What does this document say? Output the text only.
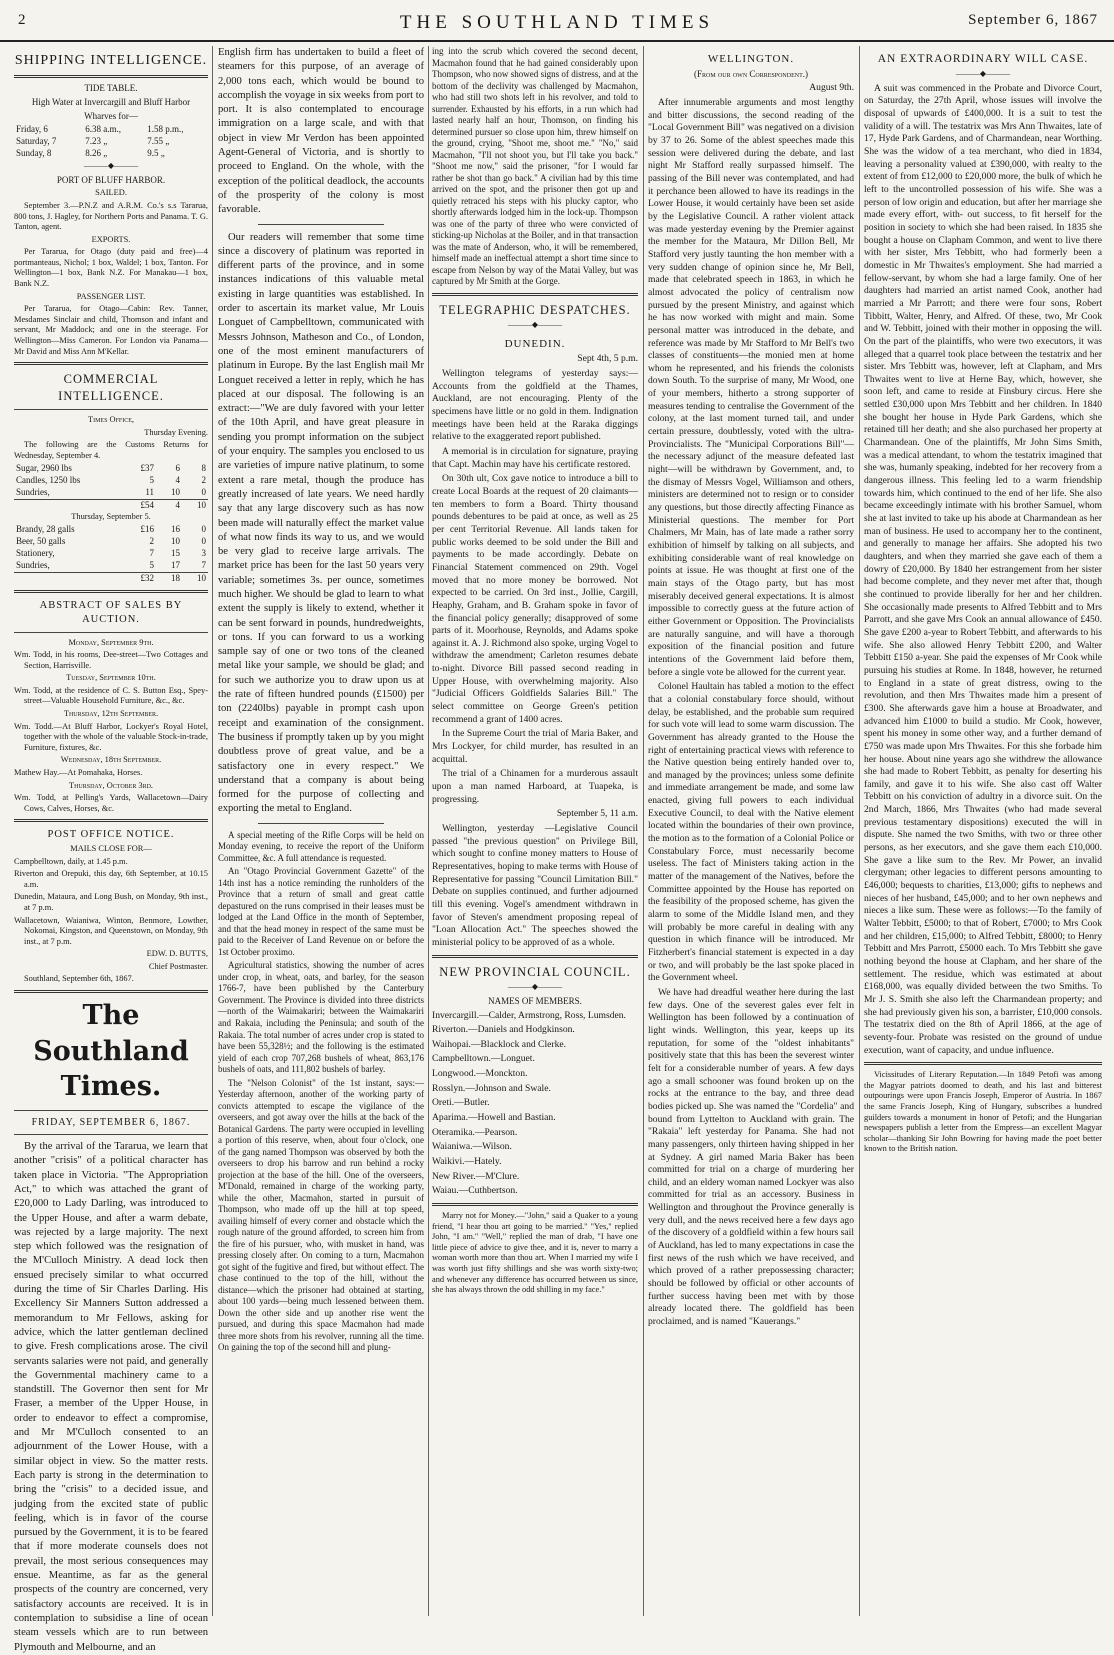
2	THE SOUTHLAND TIMES	September 6, 1867
SHIPPING INTELLIGENCE.
TIDE TABLE.

High Water at Invercargill and Bluff Harbor

Wharves for—

Friday, 6	6.38 a.m.,	1.58 p.m.,
Saturday, 7	7.23 „	7.55 „
Sunday, 8	8.26 „	9.5 „
———◆———
PORT OF BLUFF HARBOR.
SAILED.

September 3.—P.N.Z and A.R.M. Co.'s s.s Tararua, 800 tons, J. Hagley, for Northern Ports and Panama. T. G. Tanton, agent.

EXPORTS.

Per Tararua, for Otago (duty paid and free)—4 portmanteaus, Nichol; 1 box, Waldel; 1 box, Tanton. For Wellington—1 box, Bank N.Z. For Manakau—1 box, Bank N.Z.

PASSENGER LIST.

Per Tararua, for Otago—Cabin: Rev. Tanner, Mesdames Sinclair and child, Thomson and infant and servant, Mr Maddock; and one in the steerage. For Wellington—Miss Cameron. For London via Panama—Mr David and Miss Ann M'Kellar.

COMMERCIAL INTELLIGENCE.

Times Office,

Thursday Evening.

The following are the Customs Returns for Wednesday, September 4.

Sugar, 2960 lbs	£37	6	8
Candles, 1250 lbs	5	4	2
Sundries,	11	10	0
	£54	4	10

Thursday, September 5.

Brandy, 28 galls	£16	16	0
Beer, 50 galls	2	10	0
Stationery,	7	15	3
Sundries,	5	17	7
	£32	18	10
ABSTRACT OF SALES BY AUCTION.

Monday, September 9th.

Wm. Todd, in his rooms, Dee-street—Two Cottages and Section, Harrisville.

Tuesday, September 10th.

Wm. Todd, at the residence of C. S. Button Esq., Spey-street—Valuable Household Furniture, &c., &c.

Thursday, 12th September.

Wm. Todd.—At Bluff Harbor, Lockyer's Royal Hotel, together with the whole of the valuable Stock-in-trade, Furniture, fixtures, &c.

Wednesday, 18th September.

Mathew Hay.—At Pomahaka, Horses.

Thursday, October 3rd.

Wm. Todd, at Pelling's Yards, Wallacetown—Dairy Cows, Calves, Horses, &c.

POST OFFICE NOTICE.

MAILS CLOSE FOR—

Campbelltown, daily, at 1.45 p.m.

Riverton and Orepuki, this day, 6th September, at 10.15 a.m.

Dunedin, Mataura, and Long Bush, on Monday, 9th inst., at 7 p.m.

Wallacetown, Waianiwa, Winton, Benmore, Lowther, Nokomai, Kingston, and Queenstown, on Monday, 9th inst., at 7 p.m.

EDW. D. BUTTS,

Chief Postmaster.

Southland, September 6th, 1867.

The Southland Times.
FRIDAY, SEPTEMBER 6, 1867.

By the arrival of the Tararua, we learn that another "crisis" of a political character has taken place in Victoria. "The Appropriation Act," to which was attached the grant of £20,000 to Lady Darling, was introduced to the Upper House, and after a warm debate, was rejected by a large majority. The next step which followed was the resignation of the M'Culloch Ministry. A dead lock then ensued precisely similar to what occurred during the time of Sir Charles Darling. His Excellency Sir Manners Sutton addressed a memorandum to Mr Fellows, asking for advice, which the latter gentleman declined to give. Fresh complications arose. The civil servants salaries were not paid, and generally the Governmental machinery came to a standstill. The Governor then sent for Mr Fraser, a member of the Upper House, in order to endeavor to effect a compromise, and Mr M'Culloch consented to an adjournment of the Lower House, with a similar object in view. So the matter rests. Each party is strong in the determination to bring the "crisis" to a decided issue, and judging from the excited state of public feeling, which is in favor of the course pursued by the Government, it is to be feared that if more moderate counsels does not prevail, the most serious consequences may ensue. Meantime, as far as the general prospects of the country are concerned, very satisfactory accounts are received. It is in contemplation to subsidise a line of ocean steam vessels which are to run between Plymouth and Melbourne, and an

English firm has undertaken to build a fleet of steamers for this purpose, of an average of 2,000 tons each, which would be bound to accomplish the voyage in six weeks from port to port. It is also contemplated to encourage immigration on a large scale, and with that object in view Mr Verdon has been appointed Agent-General of Victoria, and is shortly to proceed to England. On the whole, with the exception of the political deadlock, the accounts of the prosperity of the colony is most favorable.

Our readers will remember that some time since a discovery of platinum was reported in different parts of the province, and in some instances indications of this valuable metal existing in large quantities was established. In order to ascertain its market value, Mr Louis Longuet of Campbelltown, communicated with Messrs Johnson, Matheson and Co., of London, one of the most eminent manufacturers of platinum in Europe. By the last English mail Mr Longuet received a letter in reply, which he has placed at our disposal. The following is an extract:—"We are duly favored with your letter of the 10th April, and have great pleasure in sending you prompt information on the subject of your enquiry. The samples you enclosed to us are varieties of impure native platinum, to some extent a rare metal, though the produce has greatly increased of late years. We need hardly say that any large discovery such as has now been made will naturally effect the market value of what now finds its way to us, and we would be very glad to receive large arrivals. The market price has been for the last 50 years very variable; sometimes 3s. per ounce, sometimes much higher. We should be glad to learn to what extent the supply is likely to extend, whether it can be sent forward in pounds, hundredweights, or tons. If you can forward to us a working sample say of one or two tons of the cleaned metal like your sample, we should be glad; and for such we authorize you to draw upon us at the rate of fifteen hundred pounds (£1500) per ton (2240lbs) payable in prompt cash upon receipt and examination of the consignment. The business if promptly taken up by you might doubtless prove of great value, and be a satisfactory one in every respect." We understand that a company is about being formed for the purpose of collecting and exporting the metal to England.

A special meeting of the Rifle Corps will be held on Monday evening, to receive the report of the Uniform Committee, &c. A full attendance is requested.

An "Otago Provincial Government Gazette" of the 14th inst has a notice reminding the runholders of the Province that a return of small and great cattle depastured on the runs comprised in their leases must be lodged at the Land Office in the month of September, and that the head money in respect of the same must be paid to the Receiver of Land Revenue on or before the 1st October proximo.

Agricultural statistics, showing the number of acres under crop, in wheat, oats, and barley, for the season 1766-7, have been published by the Canterbury Government. The Province is divided into three districts—north of the Waimakariri; between the Waimakariri and Rakaia, including the Peninsula; and south of the Rakaia. The total number of acres under crop is stated to have been 55,328½; and the following is the estimated yield of each crop 707,268 bushels of wheat, 863,176 bushels of oats, and 111,802 bushels of barley.

The "Nelson Colonist" of the 1st instant, says:—Yesterday afternoon, another of the working party of convicts attempted to escape the vigilance of the overseers, and got away over the hills at the back of the Botanical Gardens. The party were occupied in levelling a portion of this reserve, when, about four o'clock, one of the gang named Thompson was observed by both the overseers to drop his barrow and run behind a rocky projection at the base of the hill. One of the overseers, M'Donald, remained in charge of the working party, while the other, Macmahon, started in pursuit of Thompson, who made off up the hill at top speed, availing himself of every corner and obstacle which the rough nature of the ground afforded, to screen him from the fire of his pursuer, who, with musket in hand, was pressing closely after. On coming to a turn, Macmahon got sight of the fugitive and fired, but without effect. The chase continued to the top of the hill, without the distance—which the prisoner had obtained at starting, about 100 yards—being much lessened between them. Down the other side and up another rise went the pursued, and during this space Macmahon had made three more shots from his revolver, running all the time. On gaining the top of the second hill and plung-

ing into the scrub which covered the second decent, Macmahon found that he had gained considerably upon Thompson, who now showed signs of distress, and at the bottom of the declivity was challenged by Macmahon, who had still two shots left in his revolver, and told to surrender. Exhausted by his efforts, in a run which had lasted nearly half an hour, Thomson, on finding his determined pursuer so close upon him, threw himself on the ground, crying, "Shoot me, shoot me." "No," said Macmahon, "I'll not shoot you, but I'll take you back." "Shoot me now," said the prisoner, "for I would far rather be shot than go back." A civilian had by this time arrived on the spot, and the prisoner then got up and quietly retraced his steps with his plucky captor, who shortly afterwards lodged him in the lock-up. Thompson was one of the party of three who were convicted of sticking-up Nicholas at the Boiler, and in that transaction was the mate of Anderson, who, it will be remembered, himself made an ineffectual attempt a short time since to escape from Nelson by way of the Matai Valley, but was captured by Mr Smith at the Gorge.

TELEGRAPHIC DESPATCHES.
———◆———
DUNEDIN.

Sept 4th, 5 p.m.

Wellington telegrams of yesterday says:—Accounts from the goldfield at the Thames, Auckland, are not encouraging. Plenty of the specimens have little or no gold in them. Indignation meetings have been held at the Raraka diggings relative to the exaggerated report published.

A memorial is in circulation for signature, praying that Capt. Machin may have his certificate restored.

On 30th ult, Cox gave notice to introduce a bill to create Local Boards at the request of 20 claimants—ten members to form a Board. Thirty thousand pounds debentures to be paid at once, as well as 25 per cent Territorial Revenue. All lands taken for public works deemed to be sold under the Bill and payments to be made accordingly. Debate on Financial Statement commenced on 29th. Vogel moved that no more money be borrowed. Not expected to be carried. On 3rd inst., Jollie, Cargill, Heaphy, Graham, and B. Graham spoke in favor of the financial policy generally; disapproved of some parts of it. Moorhouse, Reynolds, and Adams spoke against it. A. J. Richmond also spoke, urging Vogel to withdraw the amendment; Carleton resumes debate to-night. Divorce Bill passed second reading in Upper House, with overwhelming majority. Also "Judicial Officers Goldfields Salaries Bill." The select committee on George Green's petition recommend a grant of 1400 acres.

In the Supreme Court the trial of Maria Baker, and Mrs Lockyer, for child murder, has resulted in an acquittal.

The trial of a Chinamen for a murderous assault upon a man named Harboard, at Tuapeka, is progressing.

September 5, 11 a.m.

Wellington, yesterday —Legislative Council passed "the previous question" on Privilege Bill, which sought to confine money matters to House of Representatives, hoping to make terms with House of Representative for passing "Council Limitation Bill." Debate on supplies continued, and further adjourned till this evening. Vogel's amendment withdrawn in favor of Steven's amendment proposing repeal of "Loan Allocation Act." The speeches showed the ministerial policy to be approved of as a whole.

NEW PROVINCIAL COUNCIL.
———◆———
NAMES OF MEMBERS.

Invercargill.—Calder, Armstrong, Ross, Lumsden.

Riverton.—Daniels and Hodgkinson.

Waihopai.—Blacklock and Clerke.

Campbelltown.—Longuet.

Longwood.—Monckton.

Rosslyn.—Johnson and Swale.

Oreti.—Butler.

Aparima.—Howell and Bastian.

Oteramika.—Pearson.

Waianiwa.—Wilson.

Waikivi.—Hately.

New River.—M'Clure.

Waiau.—Cuthbertson.

Marry not for Money.—"John," said a Quaker to a young friend, "I hear thou art going to be married." "Yes," replied John, "I am." "Well," replied the man of drab, "I have one little piece of advice to give thee, and it is, never to marry a woman worth more than thou art. When I married my wife I was worth just fifty shillings and she was worth sixty-two; and whenever any difference has occurred between us since, she has always thrown the odd shilling in my face."

WELLINGTON.
(From our own Correspondent.)

August 9th.

After innumerable arguments and most lengthy and bitter discussions, the second reading of the "Local Government Bill" was negatived on a division by 37 to 26. Some of the ablest speeches made this session were delivered during the debate, and last night Mr Stafford really surpassed himself. The passing of the Bill never was contemplated, and had it perchance been allowed to have its readings in the Lower House, it would certainly have been set aside by the Legislative Council. A rather violent attack was made yesterday evening by the Premier against the member for the Mataura, Mr Dillon Bell, Mr Stafford very justly taunting the hon member with a very sudden change of opinion since he, Mr Bell, made that celebrated speech in 1863, in which he almost advocated the policy of centralism now pursued by the present Ministry, and against which he has now worked with might and main. Some personal matter was introduced in the debate, and reference was made by Mr Stafford to Mr Bell's two classes of constituents—the monied men at home whom he represented, and his friends the colonists down South. To the surprise of many, Mr Wood, one of your members, hitherto a strong supporter of measures tending to centralise the Government of the colony, at the last moment turned tail, and under certain pressure, doubtlessly, voted with the ultra-Provincialists. The "Municipal Corporations Bill"—the necessary adjunct of the measure defeated last night—will be withdrawn by Government, and, to the dismay of Messrs Vogel, Williamson and others, ministers are determined not to resign or to consider any questions, but those directly affecting Finance as Ministerial questions. The member for Port Chalmers, Mr Main, has of late made a rather sorry exhibition of himself by talking on all subjects, and exhibiting considerable want of real knowledge on points at issue. He was thought at first one of the main stays of the Otago party, but has most miserably deceived general expectations. It is almost impossible to correctly guess at the future action of either Government or Opposition. The Provincialists are naturally sanguine, and will have a thorough exposition of the financial position and future intentions of the Government laid before them, before a single vote be allowed for the current year.

Colonel Haultain has tabled a motion to the effect that a colonial constabulary force should, without delay, be established, and the probable sum required for such vote will lead to some warm discussion. The Government has already granted to the House the right of entertaining practical views with reference to the Native question being entirely handed over to, and managed by the provinces; unless some definite and immediate arrangement be made, and some law enacted, giving full powers to each individual Executive Council, to deal with the Native element located within the boundaries of their own province, the motion as to the formation of a Colonial Police or Constabulary Force, must necessarily become useless. The fact of Ministers taking action in the matter of the management of the Natives, before the Committee appointed by the House has reported on the feasibility of the proposed scheme, has given the alarm to some of the Middle Island men, and they will probably be more careful in dealing with any question in which finance will be introduced. Mr Fitzherbert's financial statement is expected in a day or two, and will probably be the last spoke placed in the Government wheel.

We have had dreadful weather here during the last few days. One of the severest gales ever felt in Wellington has been followed by a continuation of light winds. Wellington, this year, keeps up its reputation, for some of the "oldest inhabitants" positively state that this has been the severest winter felt for a considerable number of years. A few days ago a small schooner was found broken up on the rocks at the entrance to the bay, and three dead bodies picked up. She was named the "Cordelia" and bound from Lyttelton to Auckland with grain. The "Rakaia" left yesterday for Panama. She had not many passengers, only thirteen having shipped in her at Sydney. A girl named Maria Baker has been committed for trial on a charge of murdering her child, and an eldery woman named Lockyer was also committed for trial as an accessory. Business in Wellington and throughout the Province generally is very dull, and the news received here a few days ago of the discovery of a goldfield within a few hours sail of Auckland, has led to many expectations in case the first news of the rush which we have received, and which proved of a rather prepossessing character; should be followed by official or other accounts of further success having been met with by those already located there. The goldfield has been proclaimed, and is named "Kauerangs."

AN EXTRAORDINARY WILL CASE.
———◆———

A suit was commenced in the Probate and Divorce Court, on Saturday, the 27th April, whose issues will involve the disposal of upwards of £400,000. It is a suit to test the validity of a will. The testatrix was Mrs Ann Thwaites, late of 17, Hyde Park Gardens, and of Charmandean, near Worthing. She was the widow of a tea merchant, who died in 1834, leaving a personality valued at £390,000, with realty to the extent of from £12,000 to £20,000 more, the bulk of which he left to the uncontrolled possession of his wife. She was a person of low origin and education, but after her marriage she made every effort, with- out success, to fit herself for the position in society to which she had been raised. In 1835 she bought a house on Clapham Common, and went to live there with her sister, Mrs Tebbitt, who had formerly been a domestic in Mr Thwaites's employment. She had married a fellow-servant, by whom she had a large family. One of her daughters had married an artist named Cook, another had married a Mr Parrott; and there were four sons, Robert Tibbitt, Walter, Henry, and Alfred. Of these, two, Mr Cook and W. Tebbitt, joined with their mother in opposing the will. On the part of the plaintiffs, who were two executors, it was alleged that a quarrel took place between the testatrix and her sister. Mrs Tebbitt was, however, left at Clapham, and Mrs Thwaites went to live at Herne Bay, which, however, she soon left, and came to reside at Finsbury circus. Here she settled £30,000 upon Mrs Tebbitt and her children. In 1840 she bought her house in Hyde Park Gardens, which she retained till her death; and she also purchased her property at Charmandean. One of the plaintiffs, Mr John Sims Smith, was a medical attendant, to whom the testatrix imagined that she was, humanly speaking, indebted for her recovery from a dangerous illness. This feeling led to a warm friendship towards him, which continued to the end of her life. She also became exceedingly intimate with his brother Samuel, whom she at last invited to take up his abode at Charmandean as her man of business. He used to accompany her to the continent, and generally to manage her affairs. She adopted his two daughters, and when they married she gave each of them a dowry of £20,000. By 1840 her estrangement from her sister had become complete, and they never met after that, though she continued to provide liberally for her and her children. She occasionally made presents to Alfred Tebbitt and to Mrs Parrott, and she gave Mrs Cook an annual allowance of £450. She gave £200 a-year to Robert Tebbitt, and afterwards to his wife. She also allowed Henry Tebbitt £200, and Walter Tebbitt £150 a-year. She paid the expenses of Mr Cook while pursuing his studies at Rome. In 1848, however, he returned to England in a state of great distress, owing to the revolution, and then Mrs Thwaites made him a present of £300. She afterwards gave him a house at Broadwater, and advanced him £1000 to build a studio. Mr Cook, however, spent his money in some other way, and a further demand of £750 was made upon Mrs Thwaites. For this she forbade him her house. About nine years ago she withdrew the allowance she had made to Robert Tebbitt, as penalty for deserting his family, and gave it to his wife. She also cast off Walter Tebbitt on his conviction of adultry in a divorce suit. On the 2nd March, 1866, Mrs Thwaites (who had made several previous testamentary dispositions) executed the will in dispute. She named the two Smiths, with two or three other persons, as her executors, and she gave them each £10,000. She gave a like sum to the Rev. Mr Power, an invalid clergyman; other legacies to different persons amounting to £46,000; bequests to charities, £13,000; gifts to nephews and nieces of her husband, £45,000; and to her own nephews and nieces a like sum. These were as follows:—To the family of Walter Tebbitt, £5000; to that of Robert, £7000; to Mrs Cook and her children, £15,000; to Alfred Tebbitt, £8000; to Henry Tebbitt and Mrs Parrott, £5000 each. To Mrs Tebbitt she gave nothing beyond the house at Clapham, and her share of the settlement. The residue, which was estimated at about £168,000, was equally divided between the two Smiths. To Mr J. S. Smith she also left the Charmandean property; and she had previously given his son, a barrister, £10,000 consols. The testatrix died on the 8th of April 1866, at the age of seventy-four. Probate was resisted on the ground of undue execution, want of capacity, and undue influence.

Vicissitudes of Literary Reputation.—In 1849 Petofi was among the Magyar patriots doomed to death, and his last and bitterest outpourings were upon Francis Joseph, Emperor of Austria. In 1867 the same Francis Joseph, King of Hungary, subscribes a hundred guilders towards a monument in honor of Petofi; and the Hungarian newspapers publish a letter from the Empress—an excellent Magyar scholar—thanking Sir John Bowring for having made the poet better known to the British nation.
